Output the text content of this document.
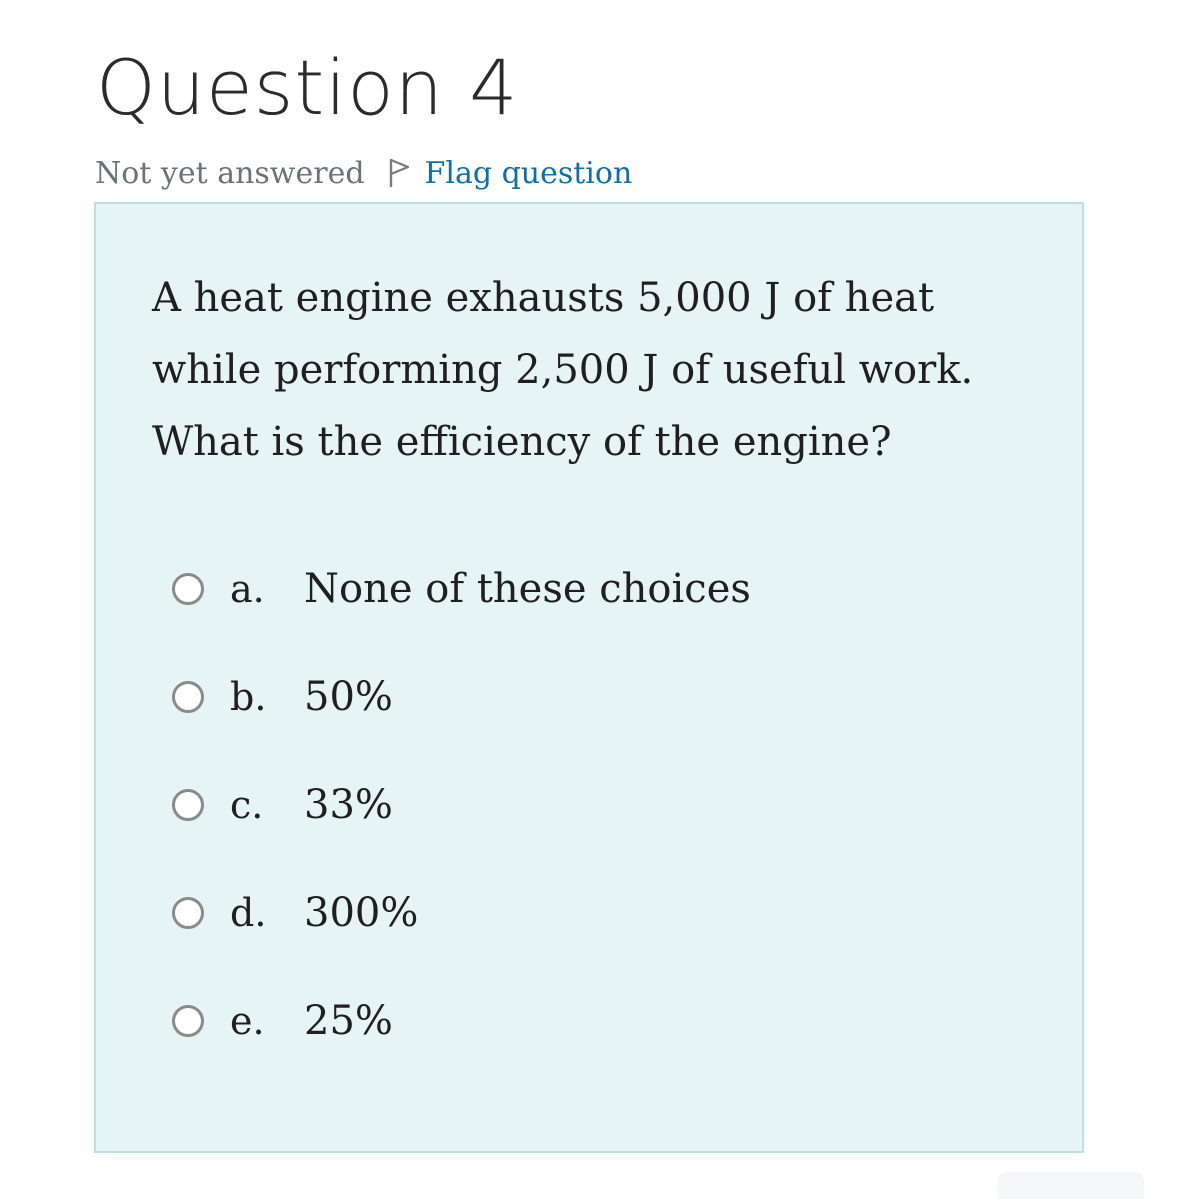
Question 4
Not yet answered Flag question

A heat engine exhausts 5,000 J of heat

while performing 2,500 J of useful work.

What is the efficiency of the engine?

a. None of these choices
b. 50%
c.	33%
d. 300%
e. 25%
